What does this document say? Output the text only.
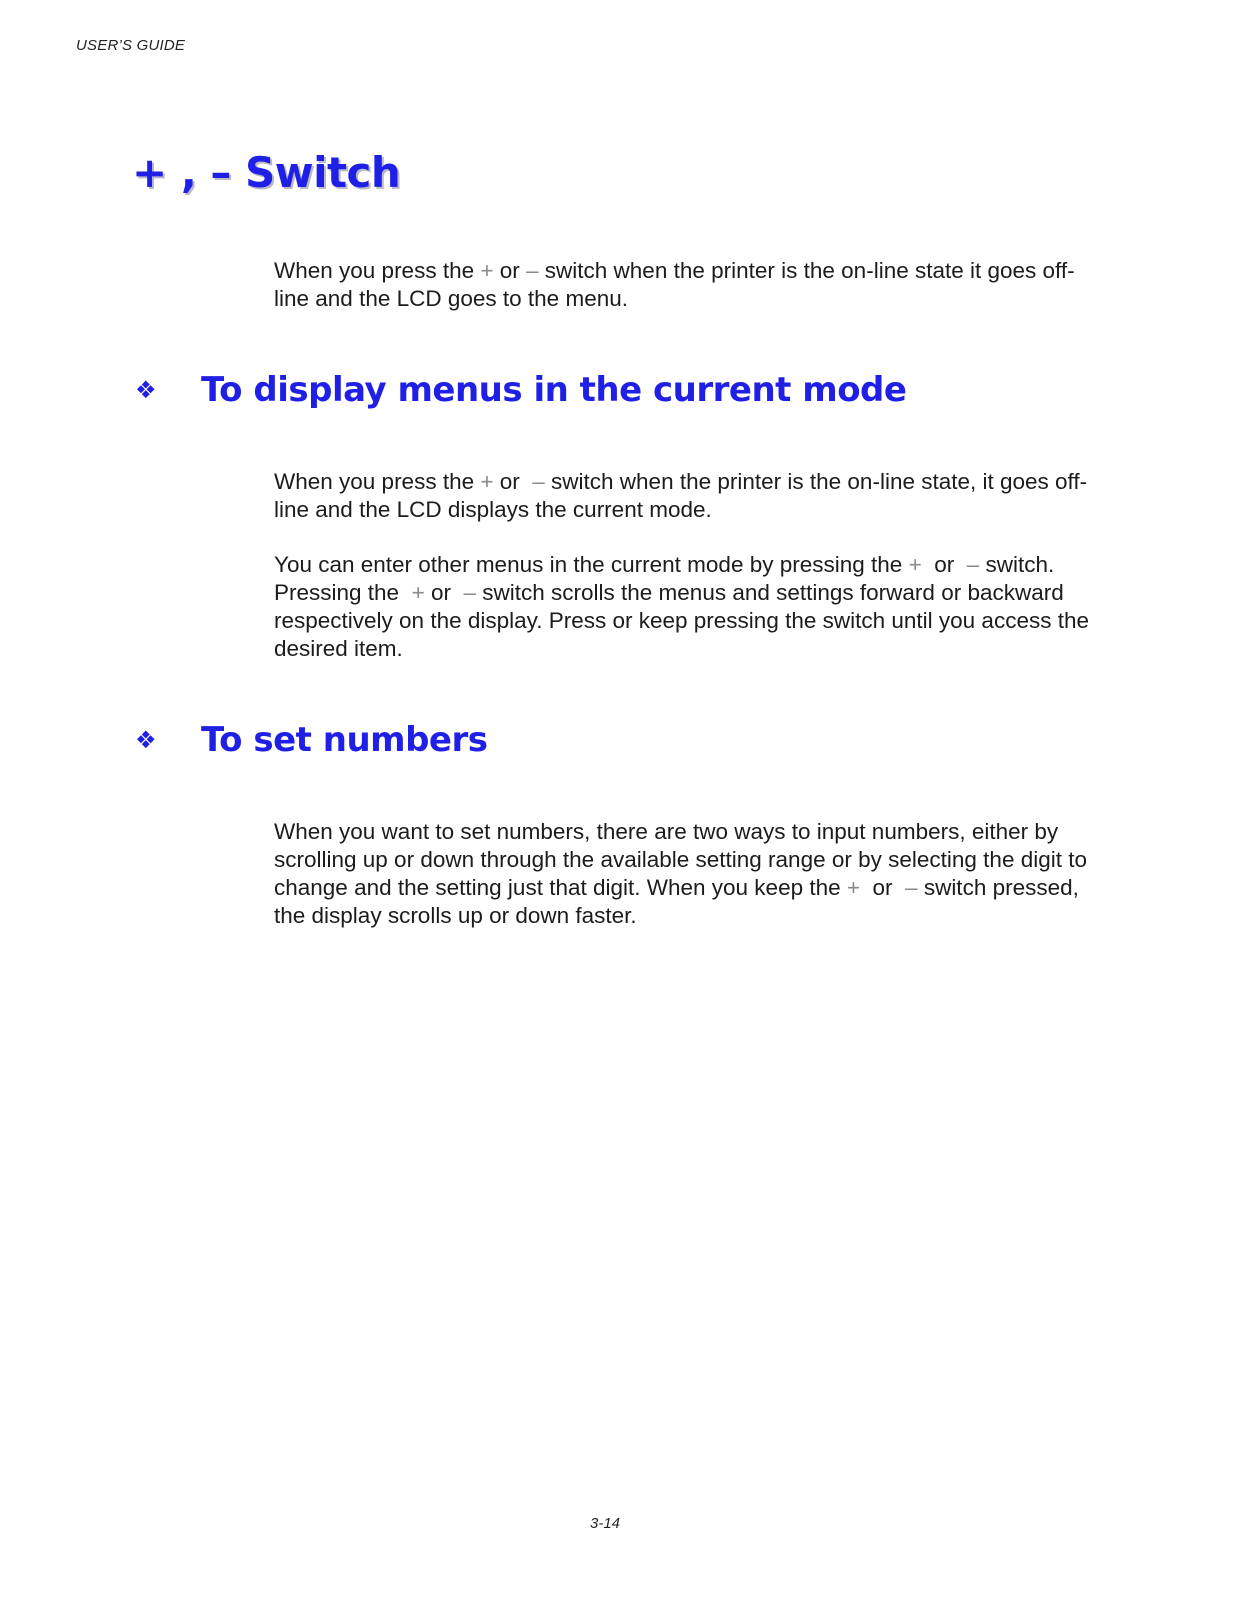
USER’S GUIDE
+ , – Switch

When you press the + or – switch when the printer is the on-line state it goes off-line and the LCD goes to the menu.

❖	To display menus in the current mode

When you press the + or  – switch when the printer is the on-line state, it goes off-line and the LCD displays the current mode.

You can enter other menus in the current mode by pressing the +  or  – switch. Pressing the  + or  – switch scrolls the menus and settings forward or backward respectively on the display. Press or keep pressing the switch until you access the desired item.

❖	To set numbers

When you want to set numbers, there are two ways to input numbers, either by scrolling up or down through the available setting range or by selecting the digit to change and the setting just that digit. When you keep the +  or  – switch pressed, the display scrolls up or down faster.

3-14
